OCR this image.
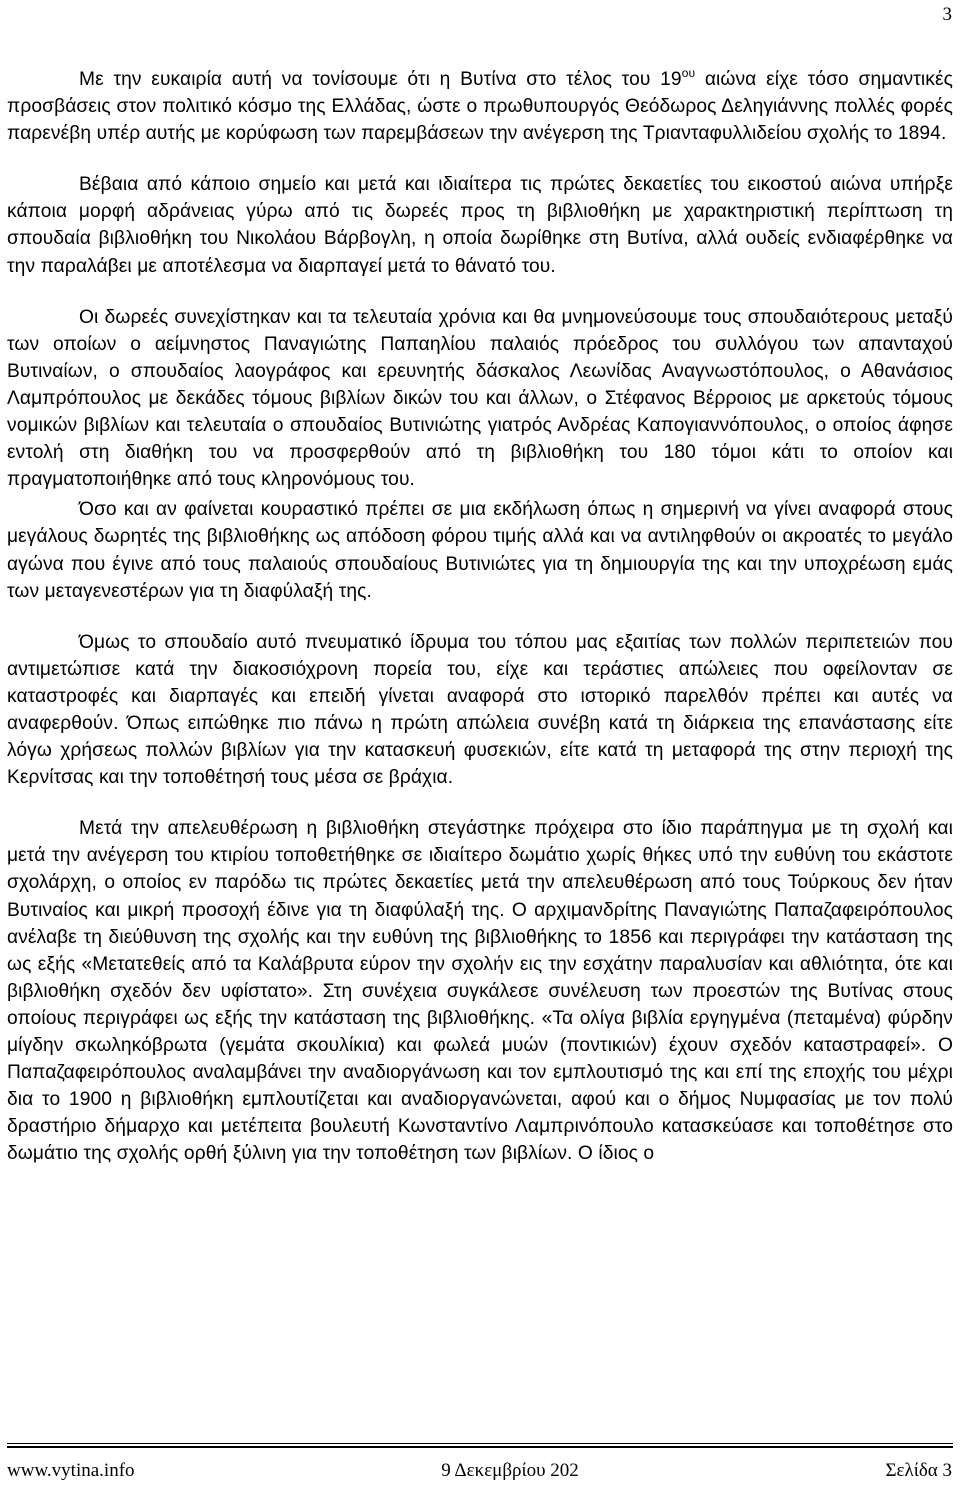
3

Με την ευκαιρία αυτή να τονίσουμε ότι η Βυτίνα στο τέλος του $19^{o\upsilon}$ αιώνα είχε τόσο σημαντικές προσβάσεις στον πολιτικό κόσμο της Ελλάδας, ώστε ο πρωθυπουργός Θεόδωρος Δεληγιάννης πολλές φορές παρενέβη υπέρ αυτής με κορύφωση των παρεμβάσεων την ανέγερση της Τριανταφυλλιδείου σχολής το 1894.

Βέβαια από κάποιο σημείο και μετά και ιδιαίτερα τις πρώτες δεκαετίες του εικοστού αιώνα υπήρξε κάποια μορφή αδράνειας γύρω από τις δωρεές προς τη βιβλιοθήκη με χαρακτηριστική περίπτωση τη σπουδαία βιβλιοθήκη του Νικολάου Βάρβογλη, η οποία δωρίθηκε στη Βυτίνα, αλλά ουδείς ενδιαφέρθηκε να την παραλάβει με αποτέλεσμα να διαρπαγεί μετά το θάνατό του.

Οι δωρεές συνεχίστηκαν και τα τελευταία χρόνια και θα μνημονεύσουμε τους σπουδαιότερους μεταξύ των οποίων ο αείμνηστος Παναγιώτης Παπαηλίου παλαιός πρόεδρος του συλλόγου των απανταχού Βυτιναίων, ο σπουδαίος λαογράφος και ερευνητής δάσκαλος Λεωνίδας Αναγνωστόπουλος, ο Αθανάσιος Λαμπρόπουλος με δεκάδες τόμους βιβλίων δικών του και άλλων, ο Στέφανος Βέρροιος με αρκετούς τόμους νομικών βιβλίων και τελευταία ο σπουδαίος Βυτινιώτης γιατρός Ανδρέας Καπογιαννόπουλος, ο οποίος άφησε εντολή στη διαθήκη του να προσφερθούν από τη βιβλιοθήκη του 180 τόμοι κάτι το οποίον και πραγματοποιήθηκε από τους κληρονόμους του.

Όσο και αν φαίνεται κουραστικό πρέπει σε μια εκδήλωση όπως η σημερινή να γίνει αναφορά στους μεγάλους δωρητές της βιβλιοθήκης ως απόδοση φόρου τιμής αλλά και να αντιληφθούν οι ακροατές το μεγάλο αγώνα που έγινε από τους παλαιούς σπουδαίους Βυτινιώτες για τη δημιουργία της και την υποχρέωση εμάς των μεταγενεστέρων για τη διαφύλαξή της.

Όμως το σπουδαίο αυτό πνευματικό ίδρυμα του τόπου μας εξαιτίας των πολλών περιπετειών που αντιμετώπισε κατά την διακοσιόχρονη πορεία του, είχε και τεράστιες απώλειες που οφείλονταν σε καταστροφές και διαρπαγές και επειδή γίνεται αναφορά στο ιστορικό παρελθόν πρέπει και αυτές να αναφερθούν. Όπως ειπώθηκε πιο πάνω η πρώτη απώλεια συνέβη κατά τη διάρκεια της επανάστασης είτε λόγω χρήσεως πολλών βιβλίων για την κατασκευή φυσεκιών, είτε κατά τη μεταφορά της στην περιοχή της Κερνίτσας και την τοποθέτησή τους μέσα σε βράχια.

Μετά την απελευθέρωση η βιβλιοθήκη στεγάστηκε πρόχειρα στο ίδιο παράπηγμα με τη σχολή και μετά την ανέγερση του κτιρίου τοποθετήθηκε σε ιδιαίτερο δωμάτιο χωρίς θήκες υπό την ευθύνη του εκάστοτε σχολάρχη, ο οποίος εν παρόδω τις πρώτες δεκαετίες μετά την απελευθέρωση από τους Τούρκους δεν ήταν Βυτιναίος και μικρή προσοχή έδινε για τη διαφύλαξή της. Ο αρχιμανδρίτης Παναγιώτης Παπαζαφειρόπουλος ανέλαβε τη διεύθυνση της σχολής και την ευθύνη της βιβλιοθήκης το 1856 και περιγράφει την κατάσταση της ως εξής «Μετατεθείς από τα Καλάβρυτα εύρον την σχολήν εις την εσχάτην παραλυσίαν και αθλιότητα, ότε και βιβλιοθήκη σχεδόν δεν υφίστατο». Στη συνέχεια συγκάλεσε συνέλευση των προεστών της Βυτίνας στους οποίους περιγράφει ως εξής την κατάσταση της βιβλιοθήκης. «Τα ολίγα βιβλία εργηγμένα (πεταμένα) φύρδην μίγδην σκωληκόβρωτα (γεμάτα σκουλίκια) και φωλεά μυών (ποντικιών) έχουν σχεδόν καταστραφεί». Ο Παπαζαφειρόπουλος αναλαμβάνει την αναδιοργάνωση και τον εμπλουτισμό της και επί της εποχής του μέχρι δια το 1900 η βιβλιοθήκη εμπλουτίζεται και αναδιοργανώνεται, αφού και ο δήμος Νυμφασίας με τον πολύ δραστήριο δήμαρχο και μετέπειτα βουλευτή Κωνσταντίνο Λαμπρινόπουλο κατασκεύασε και τοποθέτησε στο δωμάτιο της σχολής ορθή ξύλινη για την τοποθέτηση των βιβλίων. Ο ίδιος ο

www.vytina.info	9 Δεκεμβρίου 202	Σελίδα 3
